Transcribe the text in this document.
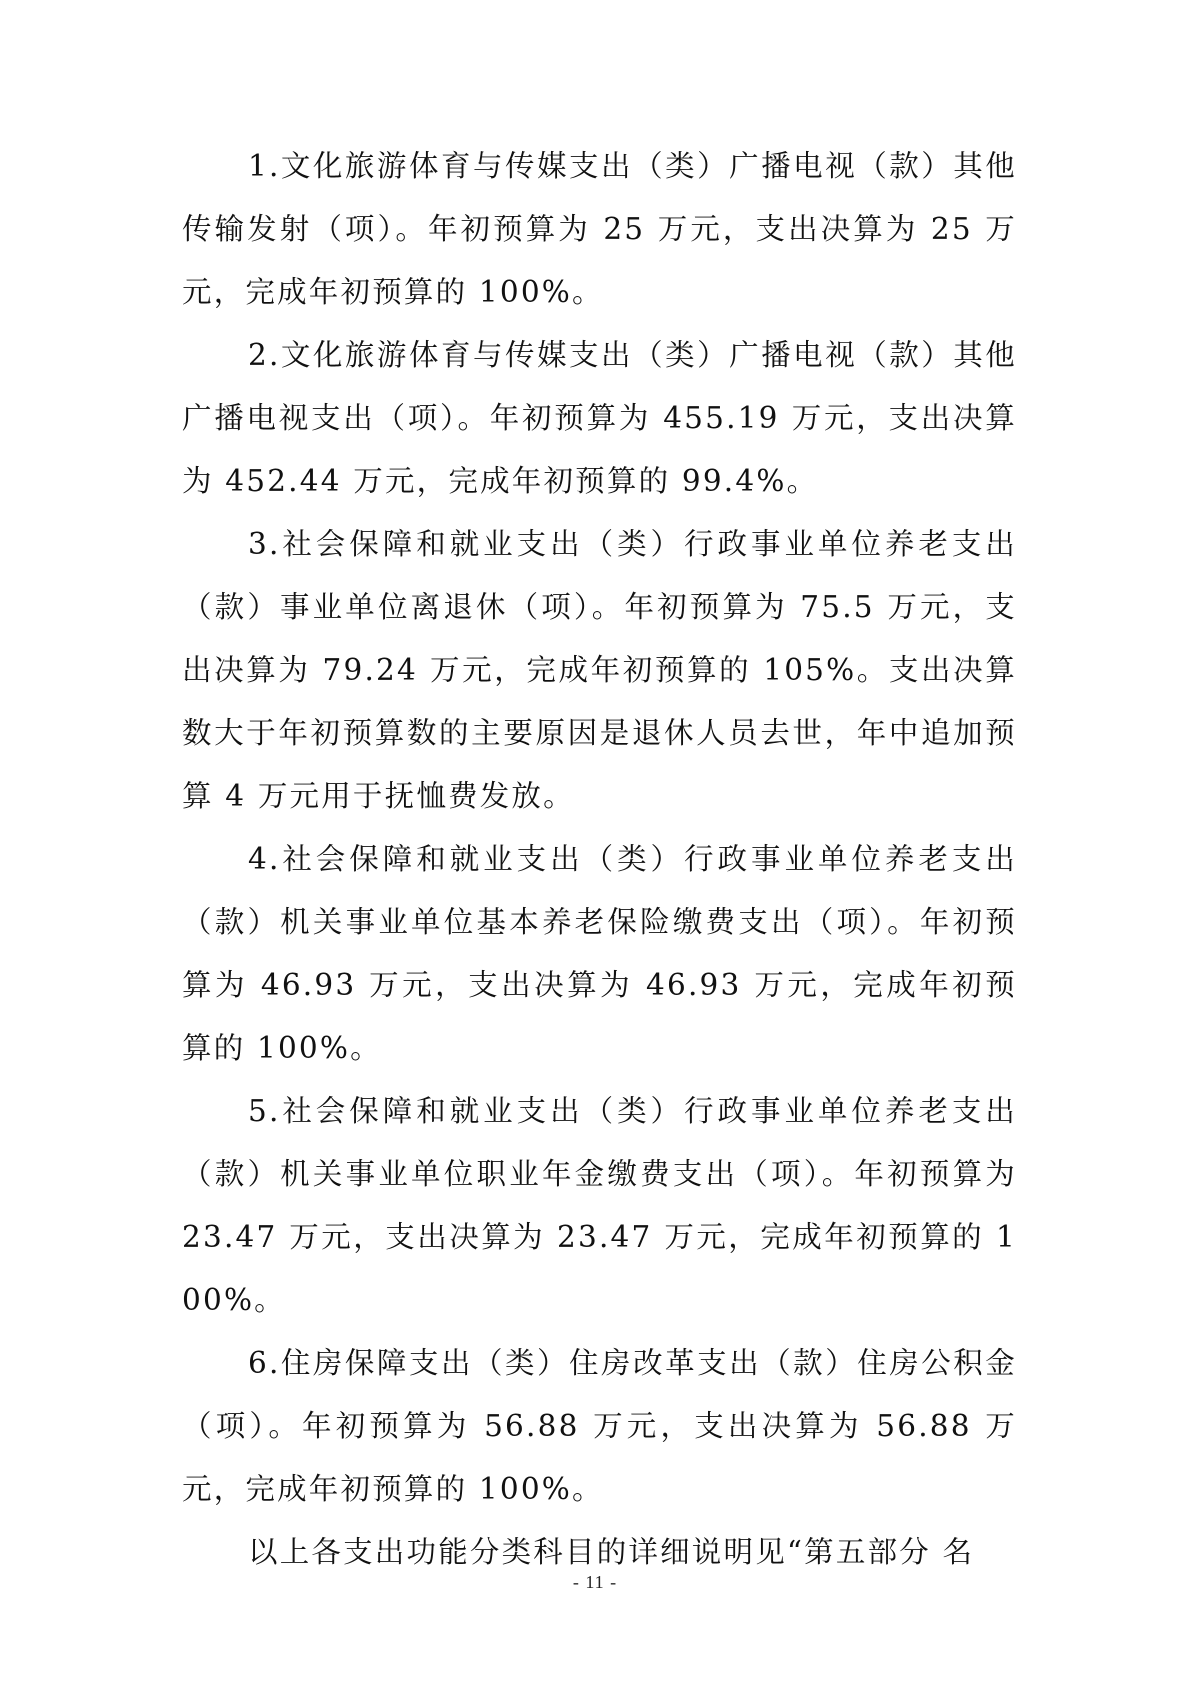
1.文化旅游体育与传媒支出（类）广播电视（款）其他传输发射（项）。年初预算为 25 万元，支出决算为 25 万元，完成年初预算的 100%。

2.文化旅游体育与传媒支出（类）广播电视（款）其他广播电视支出（项）。年初预算为 455.19 万元，支出决算为 452.44 万元，完成年初预算的 99.4%。

3.社会保障和就业支出（类）行政事业单位养老支出（款）事业单位离退休（项）。年初预算为 75.5 万元，支出决算为 79.24 万元，完成年初预算的 105%。支出决算数大于年初预算数的主要原因是退休人员去世，年中追加预算 4 万元用于抚恤费发放。

4.社会保障和就业支出（类）行政事业单位养老支出（款）机关事业单位基本养老保险缴费支出（项）。年初预算为 46.93 万元，支出决算为 46.93 万元，完成年初预算的 100%。

5.社会保障和就业支出（类）行政事业单位养老支出（款）机关事业单位职业年金缴费支出（项）。年初预算为 23.47 万元，支出决算为 23.47 万元，完成年初预算的 100%。

6.住房保障支出（类）住房改革支出（款）住房公积金（项）。年初预算为 56.88 万元，支出决算为 56.88 万元，完成年初预算的 100%。

以上各支出功能分类科目的详细说明见“第五部分 名

- 11 -
